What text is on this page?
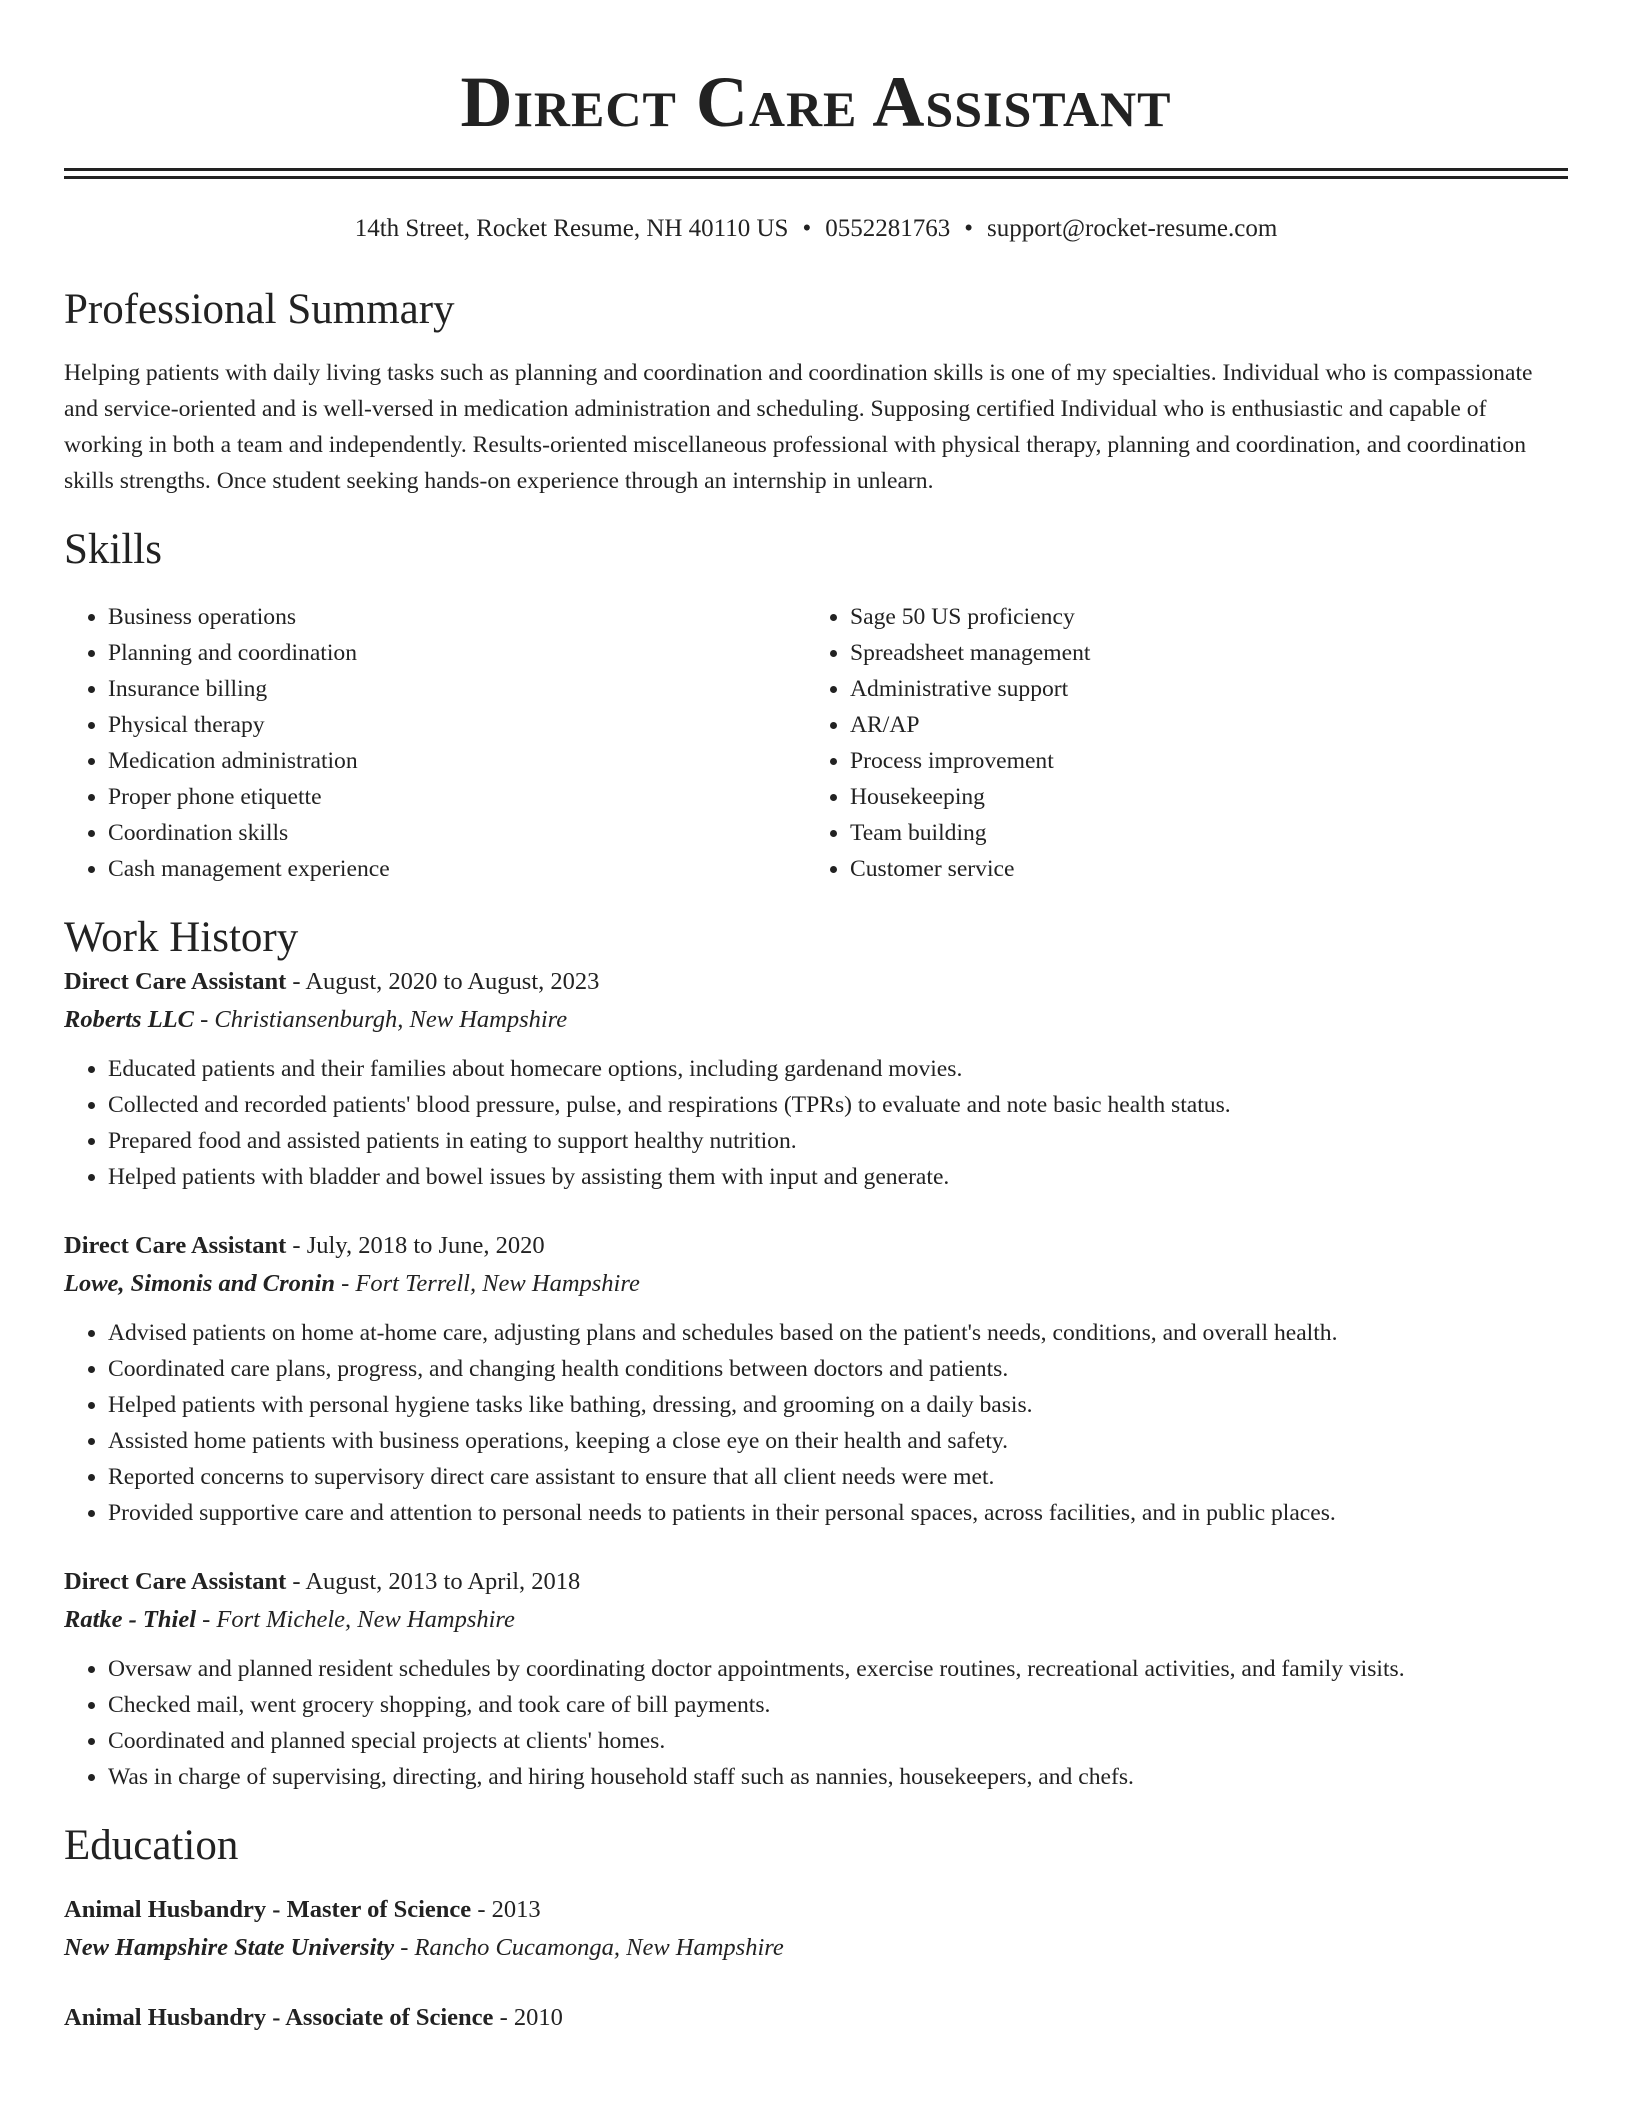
Direct Care Assistant
14th Street, Rocket Resume, NH 40110 US • 0552281763 • support@rocket-resume.com
Professional Summary
Helping patients with daily living tasks such as planning and coordination and coordination skills is one of my specialties. Individual who is compassionate and service-oriented and is well-versed in medication administration and scheduling. Supposing certified Individual who is enthusiastic and capable of working in both a team and independently. Results-oriented miscellaneous professional with physical therapy, planning and coordination, and coordination skills strengths. Once student seeking hands-on experience through an internship in unlearn.
Skills
• Business operations
• Planning and coordination
• Insurance billing
• Physical therapy
• Medication administration
• Proper phone etiquette
• Coordination skills
• Cash management experience
• Sage 50 US proficiency
• Spreadsheet management
• Administrative support
• AR/AP
• Process improvement
• Housekeeping
• Team building
• Customer service
Work History
Direct Care Assistant - August, 2020 to August, 2023
Roberts LLC - Christiansenburgh, New Hampshire
• Educated patients and their families about homecare options, including gardenand movies.
• Collected and recorded patients' blood pressure, pulse, and respirations (TPRs) to evaluate and note basic health status.
• Prepared food and assisted patients in eating to support healthy nutrition.
• Helped patients with bladder and bowel issues by assisting them with input and generate.
Direct Care Assistant - July, 2018 to June, 2020
Lowe, Simonis and Cronin - Fort Terrell, New Hampshire
• Advised patients on home at-home care, adjusting plans and schedules based on the patient's needs, conditions, and overall health.
• Coordinated care plans, progress, and changing health conditions between doctors and patients.
• Helped patients with personal hygiene tasks like bathing, dressing, and grooming on a daily basis.
• Assisted home patients with business operations, keeping a close eye on their health and safety.
• Reported concerns to supervisory direct care assistant to ensure that all client needs were met.
• Provided supportive care and attention to personal needs to patients in their personal spaces, across facilities, and in public places.
Direct Care Assistant - August, 2013 to April, 2018
Ratke - Thiel - Fort Michele, New Hampshire
• Oversaw and planned resident schedules by coordinating doctor appointments, exercise routines, recreational activities, and family visits.
• Checked mail, went grocery shopping, and took care of bill payments.
• Coordinated and planned special projects at clients' homes.
• Was in charge of supervising, directing, and hiring household staff such as nannies, housekeepers, and chefs.
Education
Animal Husbandry - Master of Science - 2013
New Hampshire State University - Rancho Cucamonga, New Hampshire
Animal Husbandry - Associate of Science - 2010
